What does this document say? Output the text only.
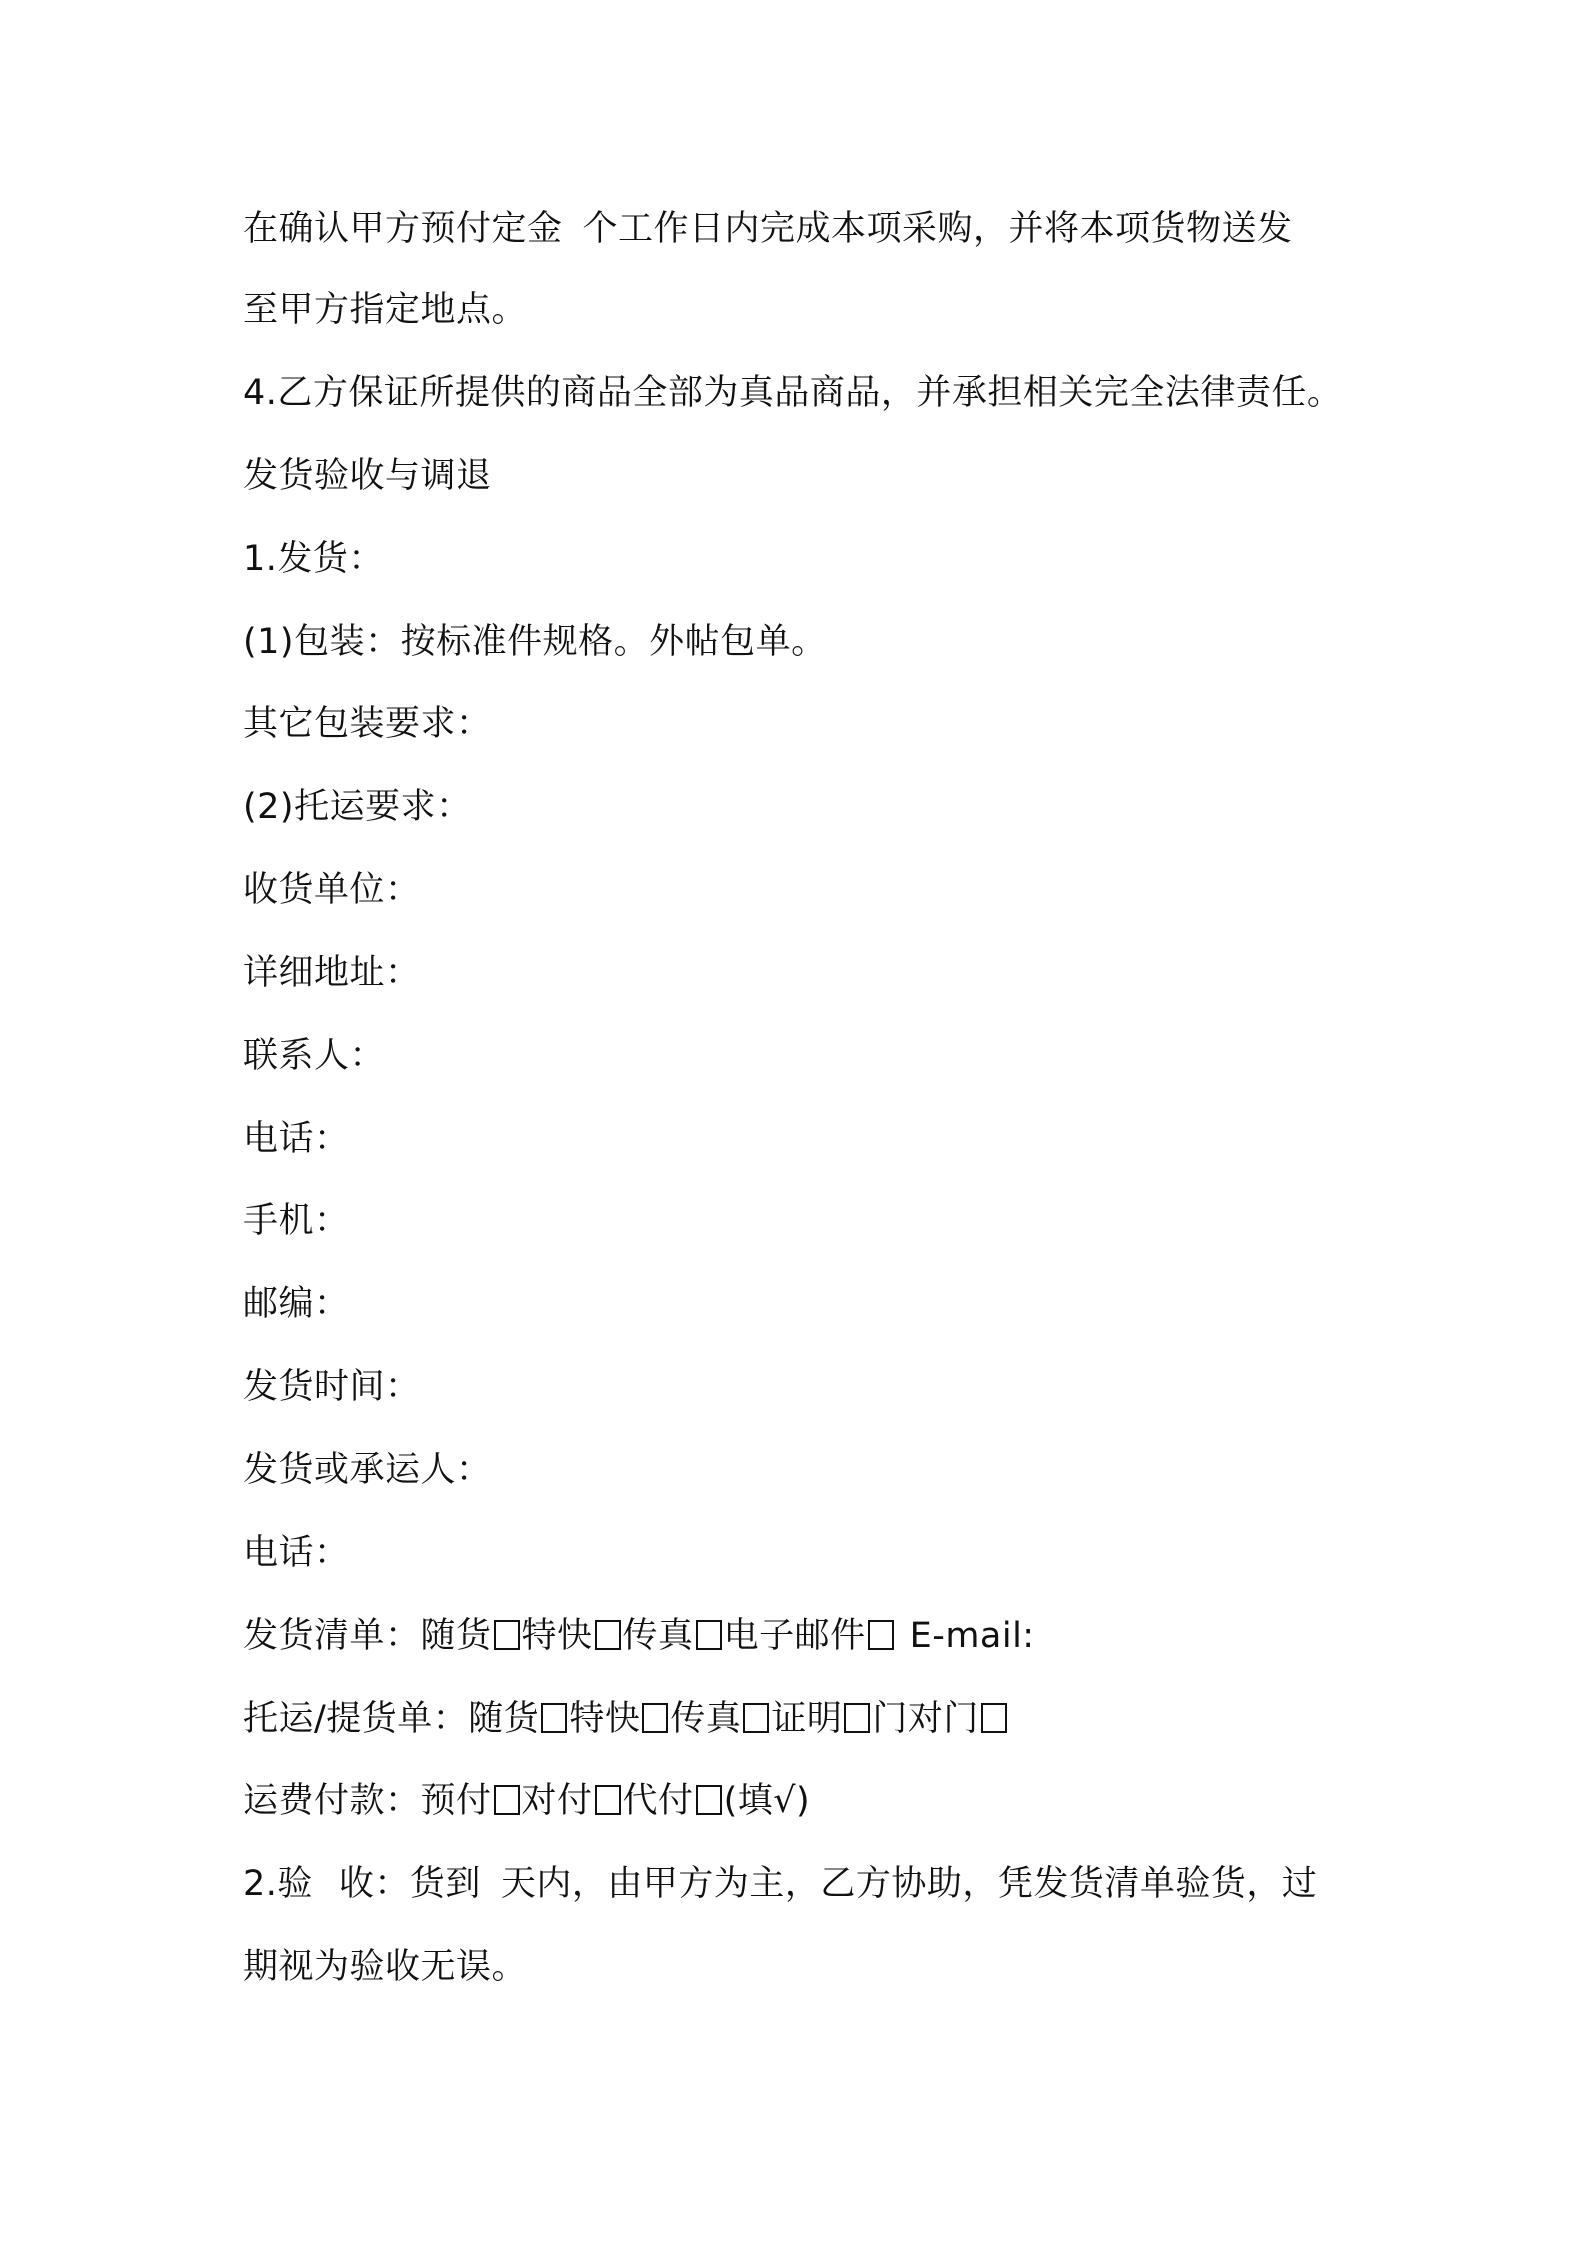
在确认甲方预付定金 个工作日内完成本项采购，并将本项货物送发

至甲方指定地点。

4.乙方保证所提供的商品全部为真品商品，并承担相关完全法律责任。

发货验收与调退

1.发货：

(1)包装：按标准件规格。外帖包单。

其它包装要求：

(2)托运要求：

收货单位：

详细地址：

联系人：

电话：

手机：

邮编：

发货时间：

发货或承运人：

电话：

发货清单：随货 特快 传真 电子邮件 E-mail:

托运/提货单：随货 特快 传真 证明 门对门

运费付款：预付 对付 代付 (填√)

2.验 收：货到 天内，由甲方为主，乙方协助，凭发货清单验货，过

期视为验收无误。
